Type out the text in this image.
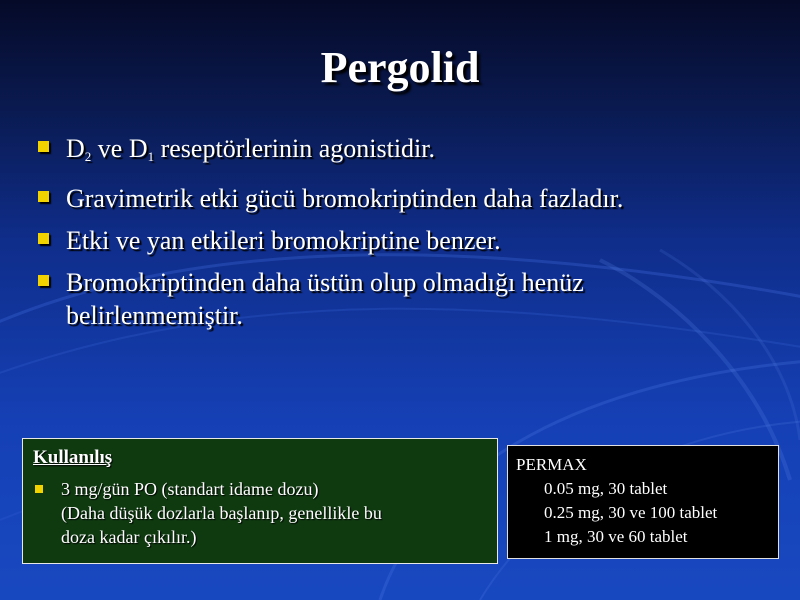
Pergolid
$D_2$ ve $D_1$ reseptörlerinin agonistidir.
Gravimetrik etki gücü bromokriptinden daha fazladır.
Etki ve yan etkileri bromokriptine benzer.
Bromokriptinden daha üstün olup olmadığı henüz
belirlenmemiştir.
Kullanılış
3 mg/gün PO (standart idame dozu)
(Daha düşük dozlarla başlanıp, genellikle bu
doza kadar çıkılır.)
PERMAX
0.05 mg, 30 tablet
0.25 mg, 30 ve 100 tablet
1 mg, 30 ve 60 tablet
